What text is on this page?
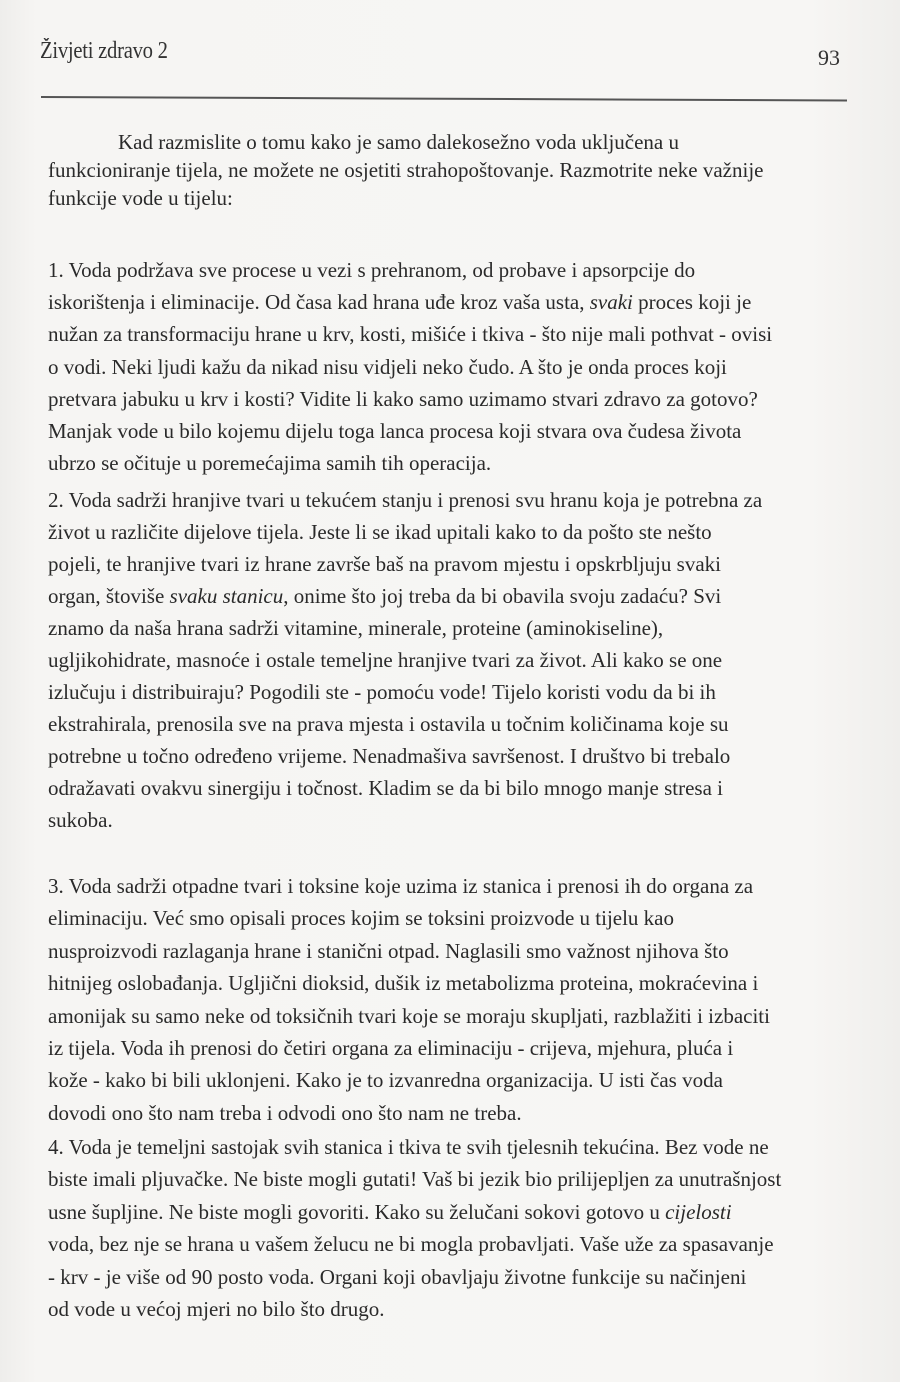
Živjeti zdravo 2	93
Kad razmislite o tomu kako je samo dalekosežno voda uključena u
funkcioniranje tijela, ne možete ne osjetiti strahopoštovanje. Razmotrite neke važnije
funkcije vode u tijelu:
1. Voda podržava sve procese u vezi s prehranom, od probave i apsorpcije do
iskorištenja i eliminacije. Od časa kad hrana uđe kroz vaša usta, svaki proces koji je
nužan za transformaciju hrane u krv, kosti, mišiće i tkiva - što nije mali pothvat - ovisi
o vodi. Neki ljudi kažu da nikad nisu vidjeli neko čudo. A što je onda proces koji
pretvara jabuku u krv i kosti? Vidite li kako samo uzimamo stvari zdravo za gotovo?
Manjak vode u bilo kojemu dijelu toga lanca procesa koji stvara ova čudesa života
ubrzo se očituje u poremećajima samih tih operacija.
2. Voda sadrži hranjive tvari u tekućem stanju i prenosi svu hranu koja je potrebna za
život u različite dijelove tijela. Jeste li se ikad upitali kako to da pošto ste nešto
pojeli, te hranjive tvari iz hrane završe baš na pravom mjestu i opskrbljuju svaki
organ, štoviše svaku stanicu, onime što joj treba da bi obavila svoju zadaću? Svi
znamo da naša hrana sadrži vitamine, minerale, proteine (aminokiseline),
ugljikohidrate, masnoće i ostale temeljne hranjive tvari za život. Ali kako se one
izlučuju i distribuiraju? Pogodili ste - pomoću vode! Tijelo koristi vodu da bi ih
ekstrahirala, prenosila sve na prava mjesta i ostavila u točnim količinama koje su
potrebne u točno određeno vrijeme. Nenadmašiva savršenost. I društvo bi trebalo
odražavati ovakvu sinergiju i točnost. Kladim se da bi bilo mnogo manje stresa i
sukoba.
3. Voda sadrži otpadne tvari i toksine koje uzima iz stanica i prenosi ih do organa za
eliminaciju. Već smo opisali proces kojim se toksini proizvode u tijelu kao
nusproizvodi razlaganja hrane i stanični otpad. Naglasili smo važnost njihova što
hitnijeg oslobađanja. Ugljični dioksid, dušik iz metabolizma proteina, mokraćevina i
amonijak su samo neke od toksičnih tvari koje se moraju skupljati, razblažiti i izbaciti
iz tijela. Voda ih prenosi do četiri organa za eliminaciju - crijeva, mjehura, pluća i
kože - kako bi bili uklonjeni. Kako je to izvanredna organizacija. U isti čas voda
dovodi ono što nam treba i odvodi ono što nam ne treba.
4. Voda je temeljni sastojak svih stanica i tkiva te svih tjelesnih tekućina. Bez vode ne
biste imali pljuvačke. Ne biste mogli gutati! Vaš bi jezik bio prilijepljen za unutrašnjost
usne šupljine. Ne biste mogli govoriti. Kako su želučani sokovi gotovo u cijelosti
voda, bez nje se hrana u vašem želucu ne bi mogla probavljati. Vaše uže za spasavanje
- krv - je više od 90 posto voda. Organi koji obavljaju životne funkcije su načinjeni
od vode u većoj mjeri no bilo što drugo.
